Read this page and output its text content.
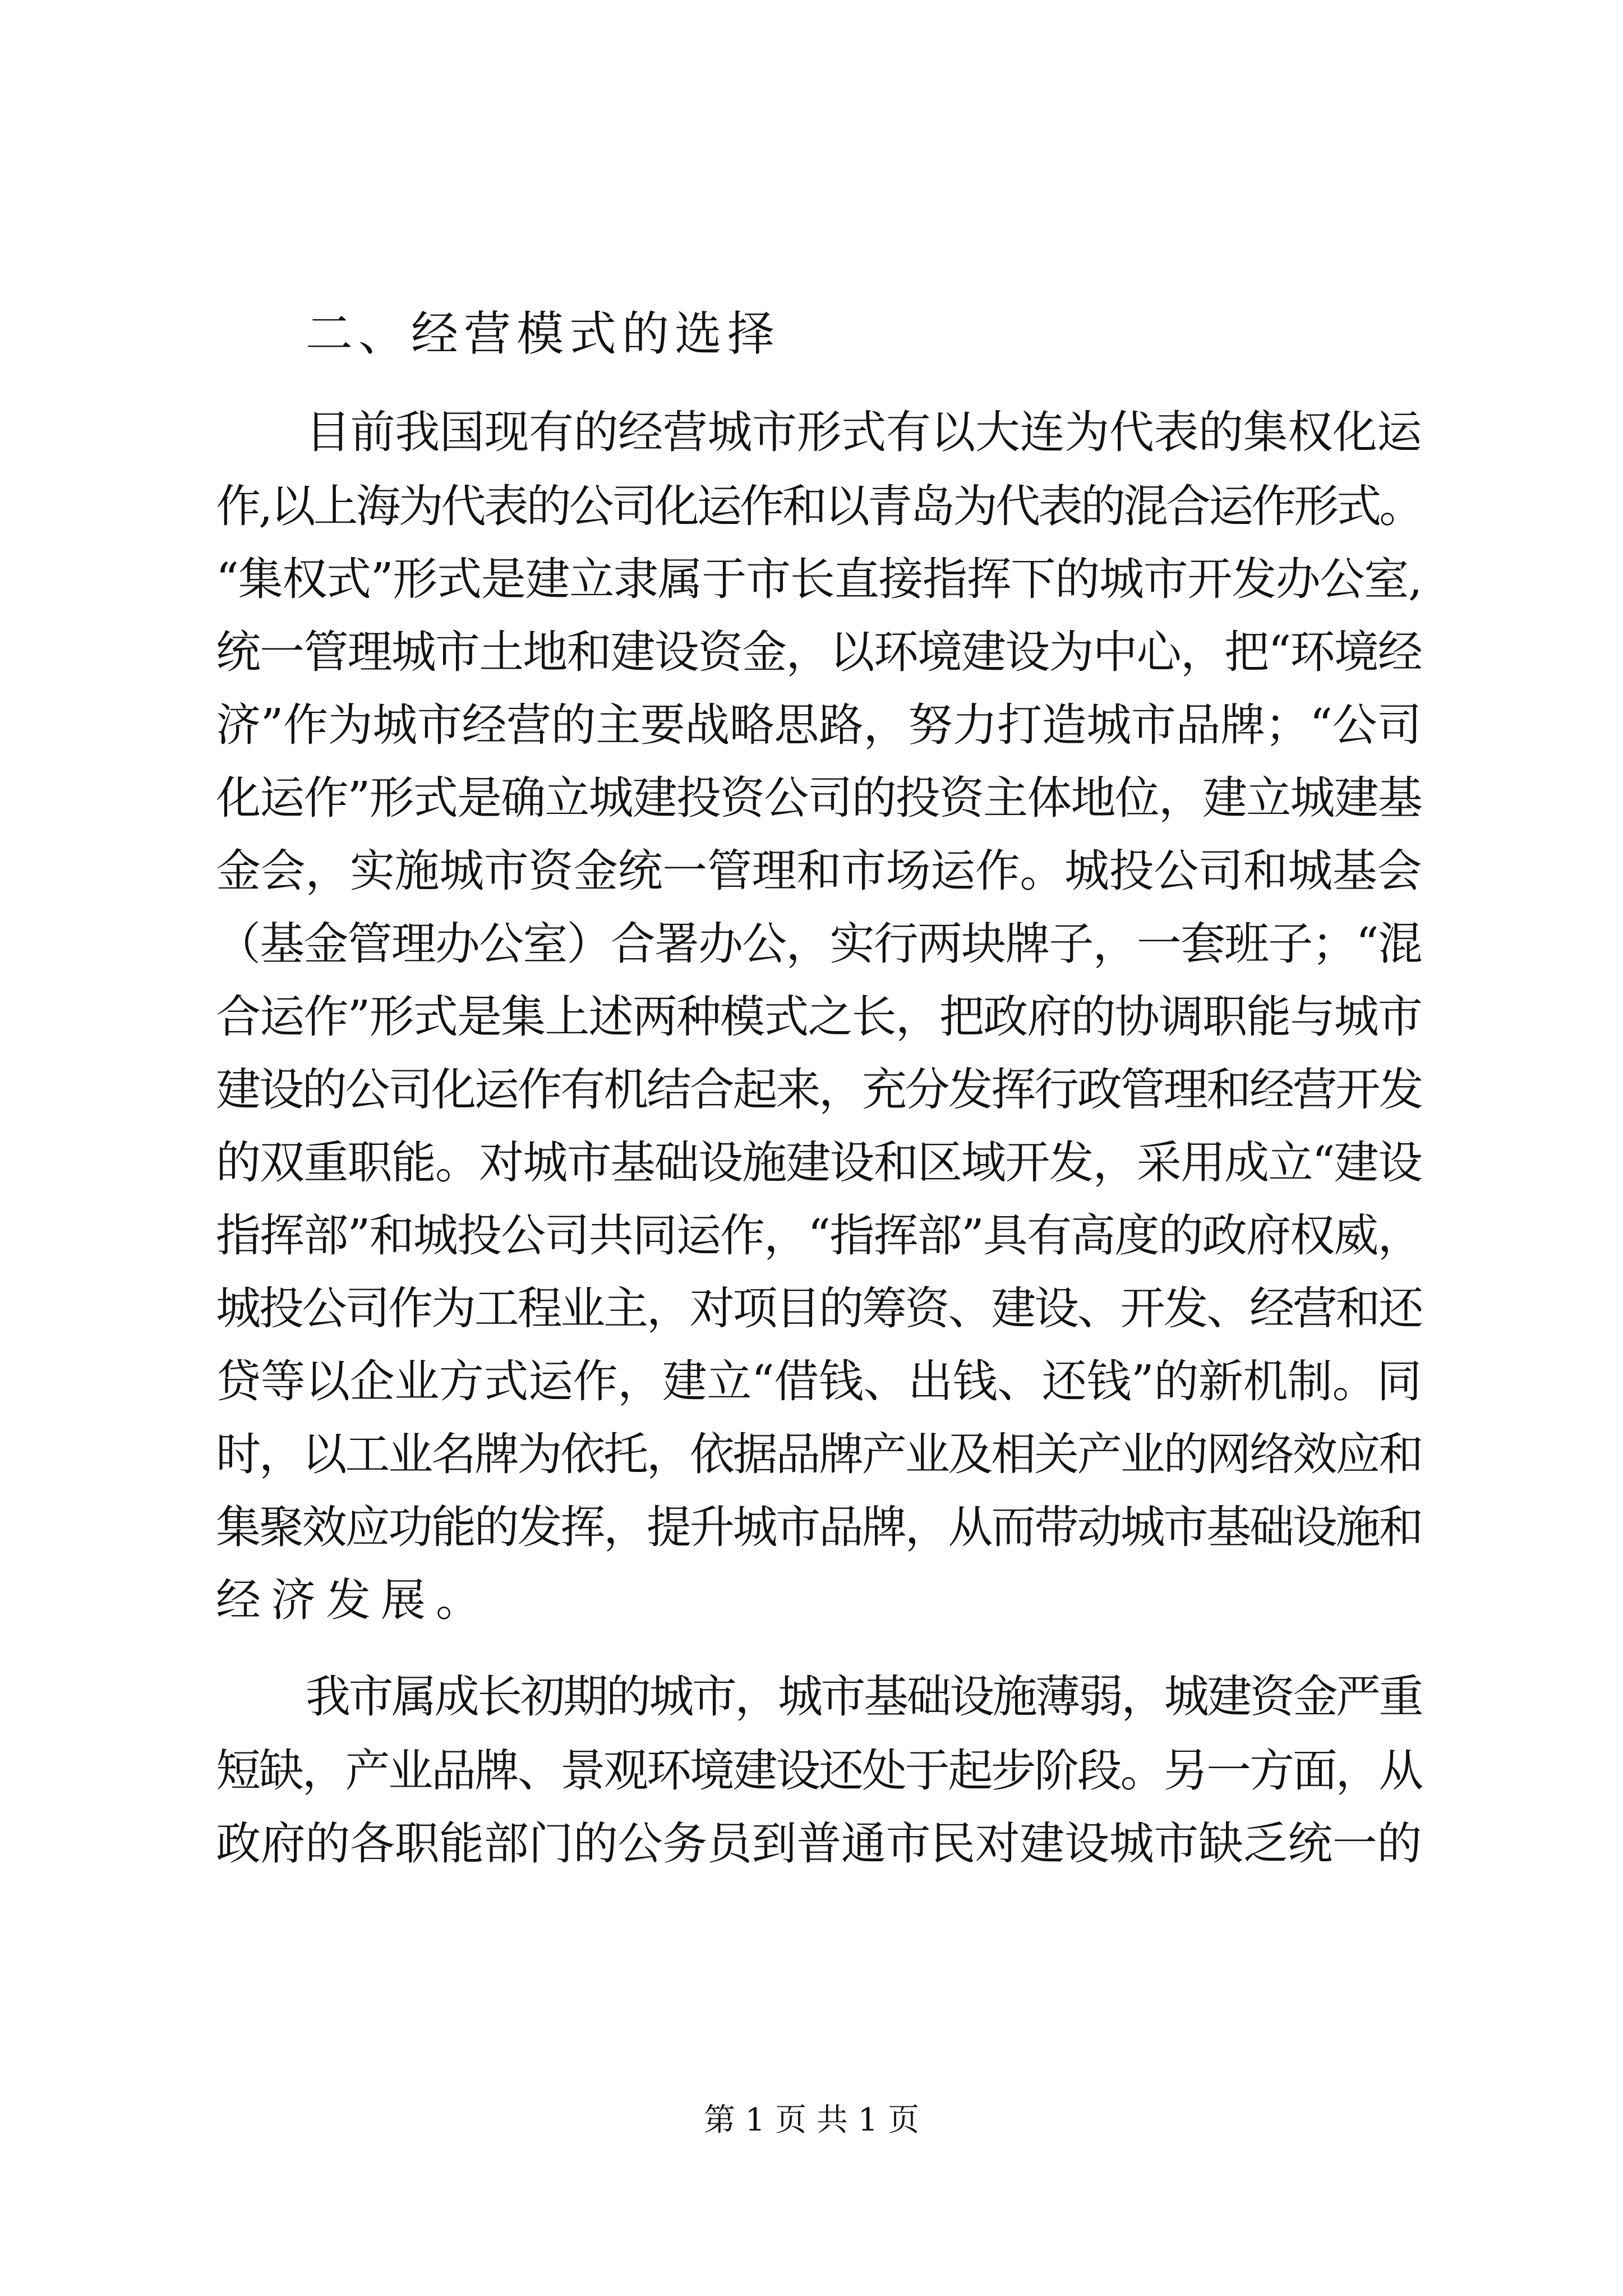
二、经营模式的选择
目前我国现有的经营城市形式有以大连为代表的集权化运
作,以上海为代表的公司化运作和以青岛为代表的混合运作形式。
“集权式”形式是建立隶属于市长直接指挥下的城市开发办公室,
统一管理城市土地和建设资金，以环境建设为中心，把“环境经
济”作为城市经营的主要战略思路，努力打造城市品牌；“公司
化运作”形式是确立城建投资公司的投资主体地位，建立城建基
金会，实施城市资金统一管理和市场运作。城投公司和城基会
（基金管理办公室）合署办公，实行两块牌子，一套班子；“混
合运作”形式是集上述两种模式之长，把政府的协调职能与城市
建设的公司化运作有机结合起来，充分发挥行政管理和经营开发
的双重职能。对城市基础设施建设和区域开发，采用成立“建设
指挥部”和城投公司共同运作，“指挥部”具有高度的政府权威，
城投公司作为工程业主，对项目的筹资、建设、开发、经营和还
贷等以企业方式运作，建立“借钱、出钱、还钱”的新机制。同
时，以工业名牌为依托，依据品牌产业及相关产业的网络效应和
集聚效应功能的发挥，提升城市品牌，从而带动城市基础设施和
经济发展。
我市属成长初期的城市，城市基础设施薄弱，城建资金严重
短缺，产业品牌、景观环境建设还处于起步阶段。另一方面，从
政府的各职能部门的公务员到普通市民对建设城市缺乏统一的
第 1 页 共 1 页
